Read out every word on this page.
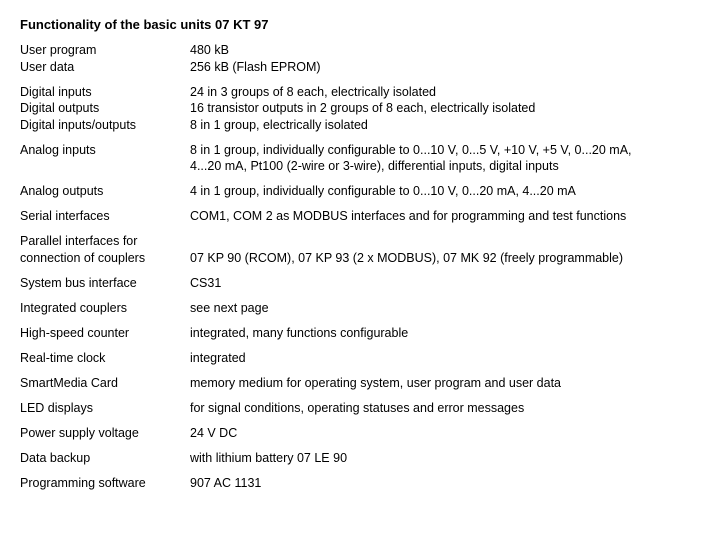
Functionality of the basic units 07 KT 97
User program	480 kB
User data	256 kB (Flash EPROM)
Digital inputs	24 in 3 groups of 8 each, electrically isolated
Digital outputs	16 transistor outputs in 2 groups of 8 each, electrically isolated
Digital inputs/outputs	8 in 1 group, electrically isolated
Analog inputs	8 in 1 group, individually configurable to 0...10 V, 0...5 V, +10 V, +5 V, 0...20 mA,
4...20 mA, Pt100 (2-wire or 3-wire), differential inputs, digital inputs
Analog outputs	4 in 1 group, individually configurable to 0...10 V, 0...20 mA, 4...20 mA
Serial interfaces	COM1, COM 2 as MODBUS interfaces and for programming and test functions
Parallel interfaces for
connection of couplers	07 KP 90 (RCOM), 07 KP 93 (2 x MODBUS), 07 MK 92 (freely programmable)
System bus interface	CS31
Integrated couplers	see next page
High-speed counter	integrated, many functions configurable
Real-time clock	integrated
SmartMedia Card	memory medium for operating system, user program and user data
LED displays	for signal conditions, operating statuses and error messages
Power supply voltage	24 V DC
Data backup	with lithium battery 07 LE 90
Programming software	907 AC 1131
